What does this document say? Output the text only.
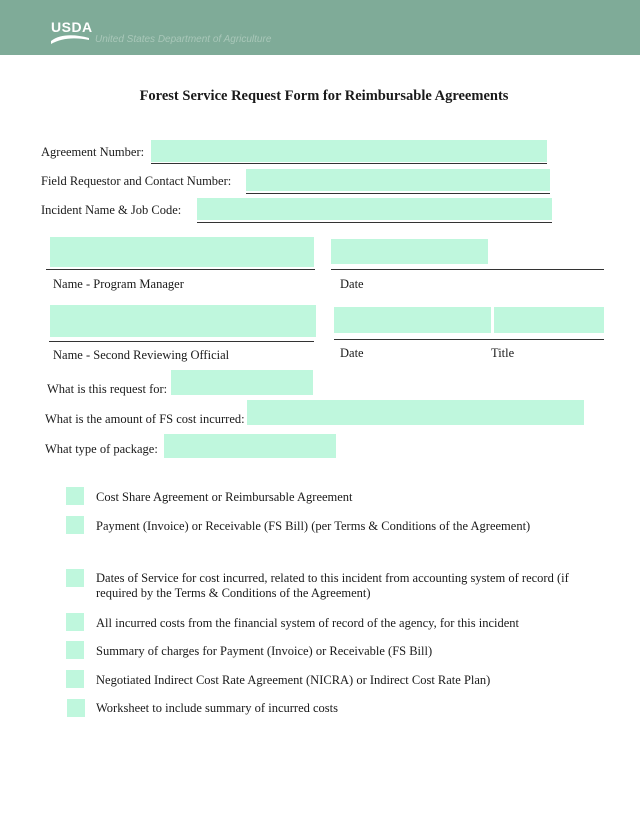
USDA
United States Department of Agriculture
Forest Service Request Form for Reimbursable Agreements
Agreement Number:
Field Requestor and Contact Number:
Incident Name & Job Code:
Name - Program Manager	Date
Name - Second Reviewing Official	Date	Title
What is this request for:
What is the amount of FS cost incurred:
What type of package:
Cost Share Agreement or Reimbursable Agreement
Payment (Invoice) or Receivable (FS Bill) (per Terms & Conditions of the Agreement)
Dates of Service for cost incurred, related to this incident from accounting system of record (if required by the Terms & Conditions of the Agreement)
All incurred costs from the financial system of record of the agency, for this incident
Summary of charges for Payment (Invoice) or Receivable (FS Bill)
Negotiated Indirect Cost Rate Agreement (NICRA) or Indirect Cost Rate Plan)
Worksheet to include summary of incurred costs
